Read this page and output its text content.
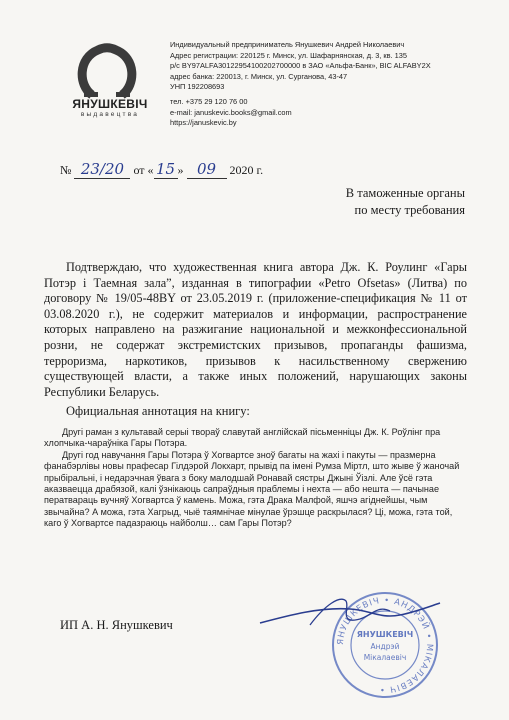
ЯНУШКЕВІЧ
выдавецтва
Индивидуальный предприниматель Янушкевич Андрей Николаевич
Адрес регистрации: 220125 г. Минск, ул. Шафарнянская, д. 3, кв. 135
р/с BY97ALFA30122954100202700000 в ЗАО «Альфа-Банк», BIC ALFABY2X
адрес банка: 220013, г. Минск, ул. Сурганова, 43-47
УНП 192208693
тел. +375 29 120 76 00
e-mail: januskevic.books@gmail.com
https://januskevic.by
№ 23/20 от « 15 » 09 2020 г.
В таможенные органы
по месту требования

Подтверждаю, что художественная книга автора Дж. К. Роулинг «Гары Потэр і Таемная зала”, изданная в типографии «Petro Ofsetas» (Литва) по договору № 19/05-48BY от 23.05.2019 г. (приложение-спецификация № 11 от 03.08.2020 г.), не содержит материалов и информации, распространение которых направлено на разжигание национальной и межконфессиональной розни, не содержат экстремистских призывов, пропаганды фашизма, терроризма, наркотиков, призывов к насильственному свержению существующей власти, а также иных положений, нарушающих законы Республики Беларусь.

Официальная аннотация на книгу:

Другі раман з культавай серыі твораў славутай англійскай пісьменніцы Дж. К. Роўлінг пра хлопчыка-чараўніка Гары Потэра.

Другі год навучання Гары Потэра ў Хогвартсе зноў багаты на жахі і пакуты — празмерна фанабэрлівы новы прафесар Гілдэрой Локхарт, прывід па імені Румза Міртл, што жыве ў жаночай прыбіральні, і недарэчная ўвага з боку малодшай Ронавай сястры Джыні Ўізлі. Але ўсё гэта аказваецца драбязой, калі ўзнікаюць сапраўдныя праблемы і нехта — або нешта — пачынае ператвараць вучняў Хогвартса ў камень. Можа, гэта Драка Малфой, яшчэ агіднейшы, чым звычайна? А можа, гэта Хагрыд, чыё таямнічае мінулае ўрэшце раскрылася? Ці, можа, гэта той, каго ў Хогвартсе падазраюць найболш… сам Гары Потэр?

ИП А. Н. Янушкевич
ЯНУШКЕВІЧ • АНДРЭЙ • МІКАЛАЕВІЧ •
ЯНУШКЕВІЧ
Андрэй
Мікалаевіч
